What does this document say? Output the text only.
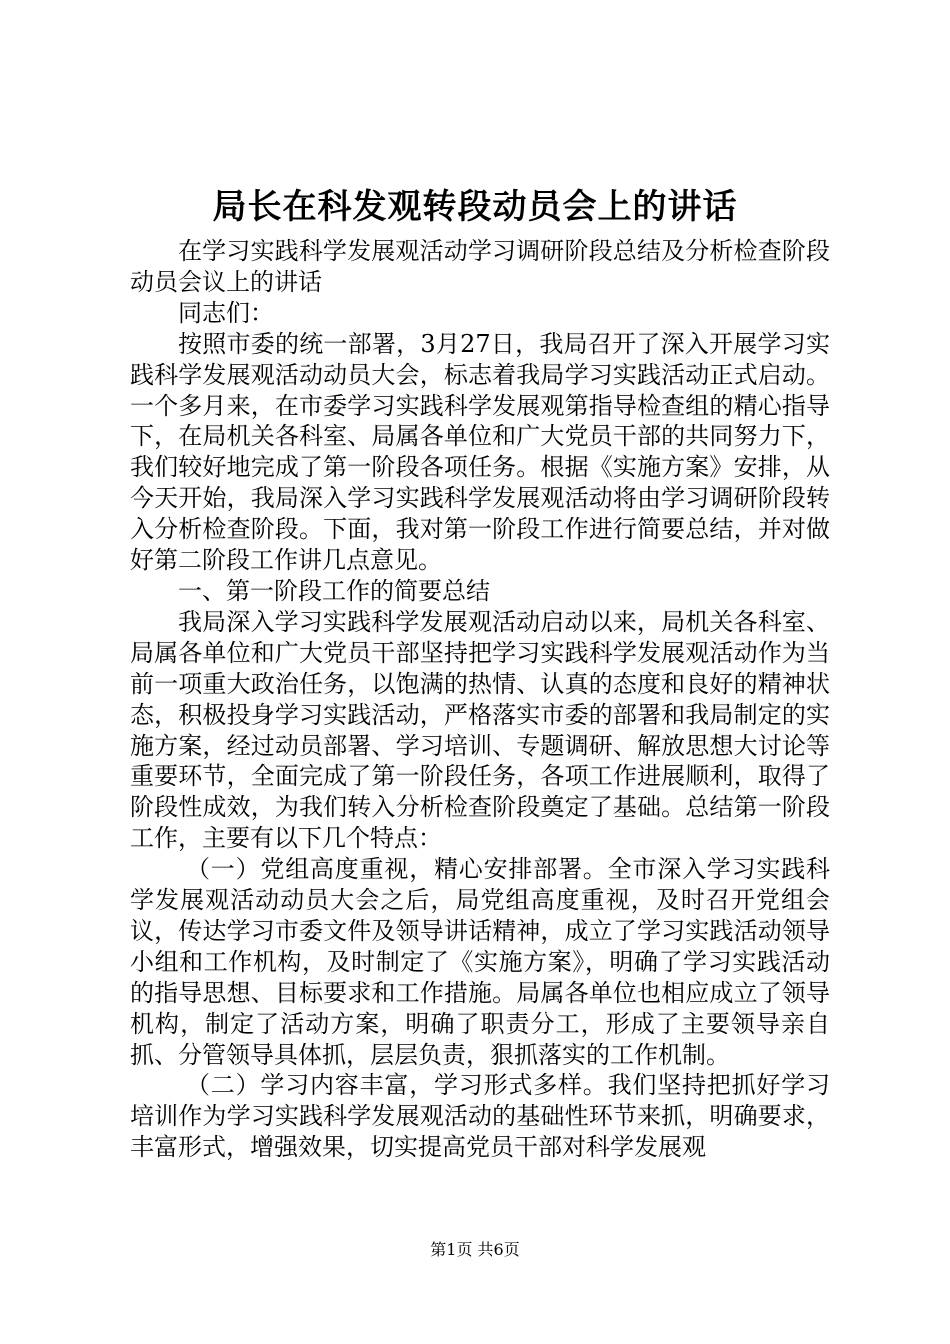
局长在科发观转段动员会上的讲话

在学习实践科学发展观活动学习调研阶段总结及分析检查阶段动员会议上的讲话

同志们：

按照市委的统一部署，3月27日，我局召开了深入开展学习实践科学发展观活动动员大会，标志着我局学习实践活动正式启动。一个多月来，在市委学习实践科学发展观第指导检查组的精心指导下，在局机关各科室、局属各单位和广大党员干部的共同努力下，我们较好地完成了第一阶段各项任务。根据《实施方案》安排，从今天开始，我局深入学习实践科学发展观活动将由学习调研阶段转入分析检查阶段。下面，我对第一阶段工作进行简要总结，并对做好第二阶段工作讲几点意见。

一、第一阶段工作的简要总结

我局深入学习实践科学发展观活动启动以来，局机关各科室、局属各单位和广大党员干部坚持把学习实践科学发展观活动作为当前一项重大政治任务，以饱满的热情、认真的态度和良好的精神状态，积极投身学习实践活动，严格落实市委的部署和我局制定的实施方案，经过动员部署、学习培训、专题调研、解放思想大讨论等重要环节，全面完成了第一阶段任务，各项工作进展顺利，取得了阶段性成效，为我们转入分析检查阶段奠定了基础。总结第一阶段工作，主要有以下几个特点：

（一）党组高度重视，精心安排部署。全市深入学习实践科学发展观活动动员大会之后，局党组高度重视，及时召开党组会议，传达学习市委文件及领导讲话精神，成立了学习实践活动领导小组和工作机构，及时制定了《实施方案》，明确了学习实践活动的指导思想、目标要求和工作措施。局属各单位也相应成立了领导机构，制定了活动方案，明确了职责分工，形成了主要领导亲自抓、分管领导具体抓，层层负责，狠抓落实的工作机制。

（二）学习内容丰富，学习形式多样。我们坚持把抓好学习培训作为学习实践科学发展观活动的基础性环节来抓，明确要求，丰富形式，增强效果，切实提高党员干部对科学发展观

第1页 共6页
